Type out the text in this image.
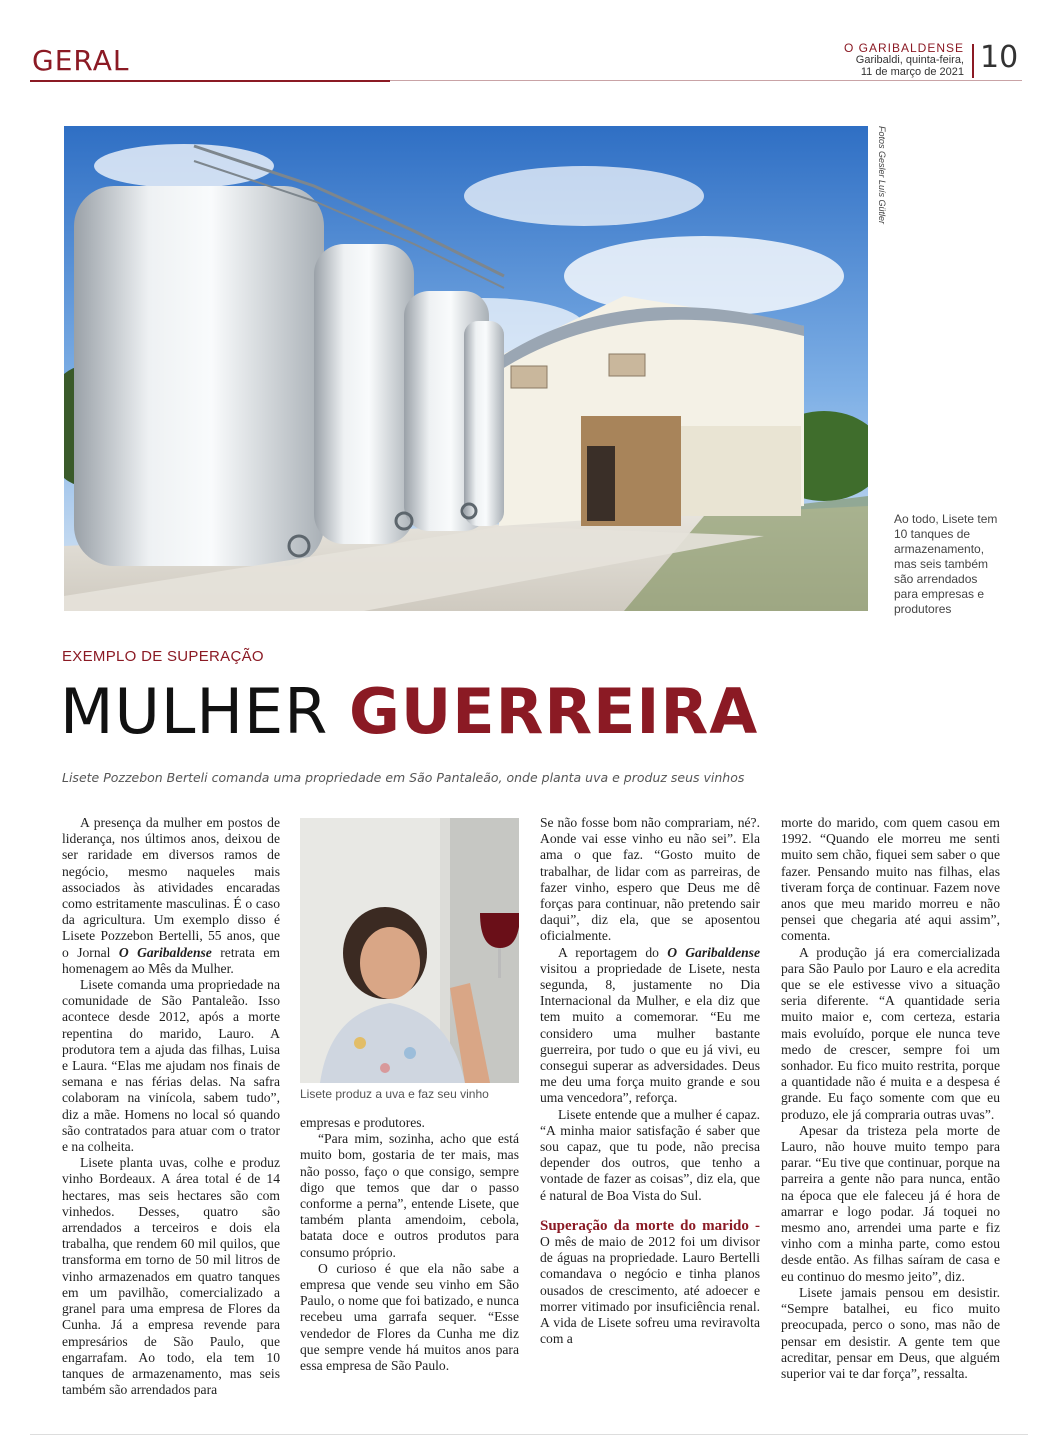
GERAL	O GARIBALDENSE
Garibaldi, quinta-feira,
11 de março de 2021 10
Fotos Gesler Luís Gütler
Ao todo, Lisete tem 10 tanques de armazenamento, mas seis também são arrendados para empresas e produtores
EXEMPLO DE SUPERAÇÃO
MULHER GUERREIRA
Lisete Pozzebon Berteli comanda uma propriedade em São Pantaleão, onde planta uva e produz seus vinhos

A presença da mulher em postos de liderança, nos últimos anos, deixou de ser raridade em diversos ramos de negócio, mesmo naqueles mais associados às atividades encaradas como estritamente masculinas. É o caso da agricultura. Um exemplo disso é Lisete Pozzebon Bertelli, 55 anos, que o Jornal O Garibaldense retrata em homenagem ao Mês da Mulher.

Lisete comanda uma propriedade na comunidade de São Pantaleão. Isso acontece desde 2012, após a morte repentina do marido, Lauro. A produtora tem a ajuda das filhas, Luisa e Laura. “Elas me ajudam nos finais de semana e nas férias delas. Na safra colaboram na vinícola, sabem tudo”, diz a mãe. Homens no local só quando são contratados para atuar com o trator e na colheita.

Lisete planta uvas, colhe e produz vinho Bordeaux. A área total é de 14 hectares, mas seis hectares são com vinhedos. Desses, quatro são arrendados a terceiros e dois ela trabalha, que rendem 60 mil quilos, que transforma em torno de 50 mil litros de vinho armazenados em quatro tanques em um pavilhão, comercializado a granel para uma empresa de Flores da Cunha. Já a empresa revende para empresários de São Paulo, que engarrafam. Ao todo, ela tem 10 tanques de armazenamento, mas seis também são arrendados para

Lisete produz a uva e faz seu vinho

empresas e produtores.

“Para mim, sozinha, acho que está muito bom, gostaria de ter mais, mas não posso, faço o que consigo, sempre digo que temos que dar o passo conforme a perna”, entende Lisete, que também planta amendoim, cebola, batata doce e outros produtos para consumo próprio.

O curioso é que ela não sabe a empresa que vende seu vinho em São Paulo, o nome que foi batizado, e nunca recebeu uma garrafa sequer. “Esse vendedor de Flores da Cunha me diz que sempre vende há muitos anos para essa empresa de São Paulo.

Se não fosse bom não comprariam, né?. Aonde vai esse vinho eu não sei”. Ela ama o que faz. “Gosto muito de trabalhar, de lidar com as parreiras, de fazer vinho, espero que Deus me dê forças para continuar, não pretendo sair daqui”, diz ela, que se aposentou oficialmente.

A reportagem do O Garibaldense visitou a propriedade de Lisete, nesta segunda, 8, justamente no Dia Internacional da Mulher, e ela diz que tem muito a comemorar. “Eu me considero uma mulher bastante guerreira, por tudo o que eu já vivi, eu consegui superar as adversidades. Deus me deu uma força muito grande e sou uma vencedora”, reforça.

Lisete entende que a mulher é capaz. “A minha maior satisfação é saber que sou capaz, que tu pode, não precisa depender dos outros, que tenho a vontade de fazer as coisas”, diz ela, que é natural de Boa Vista do Sul.

Superação da morte do marido - O mês de maio de 2012 foi um divisor de águas na propriedade. Lauro Bertelli comandava o negócio e tinha planos ousados de crescimento, até adoecer e morrer vitimado por insuficiência renal. A vida de Lisete sofreu uma reviravolta com a

morte do marido, com quem casou em 1992. “Quando ele morreu me senti muito sem chão, fiquei sem saber o que fazer. Pensando muito nas filhas, elas tiveram força de continuar. Fazem nove anos que meu marido morreu e não pensei que chegaria até aqui assim”, comenta.

A produção já era comercializada para São Paulo por Lauro e ela acredita que se ele estivesse vivo a situação seria diferente. “A quantidade seria muito maior e, com certeza, estaria mais evoluído, porque ele nunca teve medo de crescer, sempre foi um sonhador. Eu fico muito restrita, porque a quantidade não é muita e a despesa é grande. Eu faço somente com que eu produzo, ele já compraria outras uvas”.

Apesar da tristeza pela morte de Lauro, não houve muito tempo para parar. “Eu tive que continuar, porque na parreira a gente não para nunca, então na época que ele faleceu já é hora de amarrar e logo podar. Já toquei no mesmo ano, arrendei uma parte e fiz vinho com a minha parte, como estou desde então. As filhas saíram de casa e eu continuo do mesmo jeito”, diz.

Lisete jamais pensou em desistir. “Sempre batalhei, eu fico muito preocupada, perco o sono, mas não de pensar em desistir. A gente tem que acreditar, pensar em Deus, que alguém superior vai te dar força”, ressalta.
